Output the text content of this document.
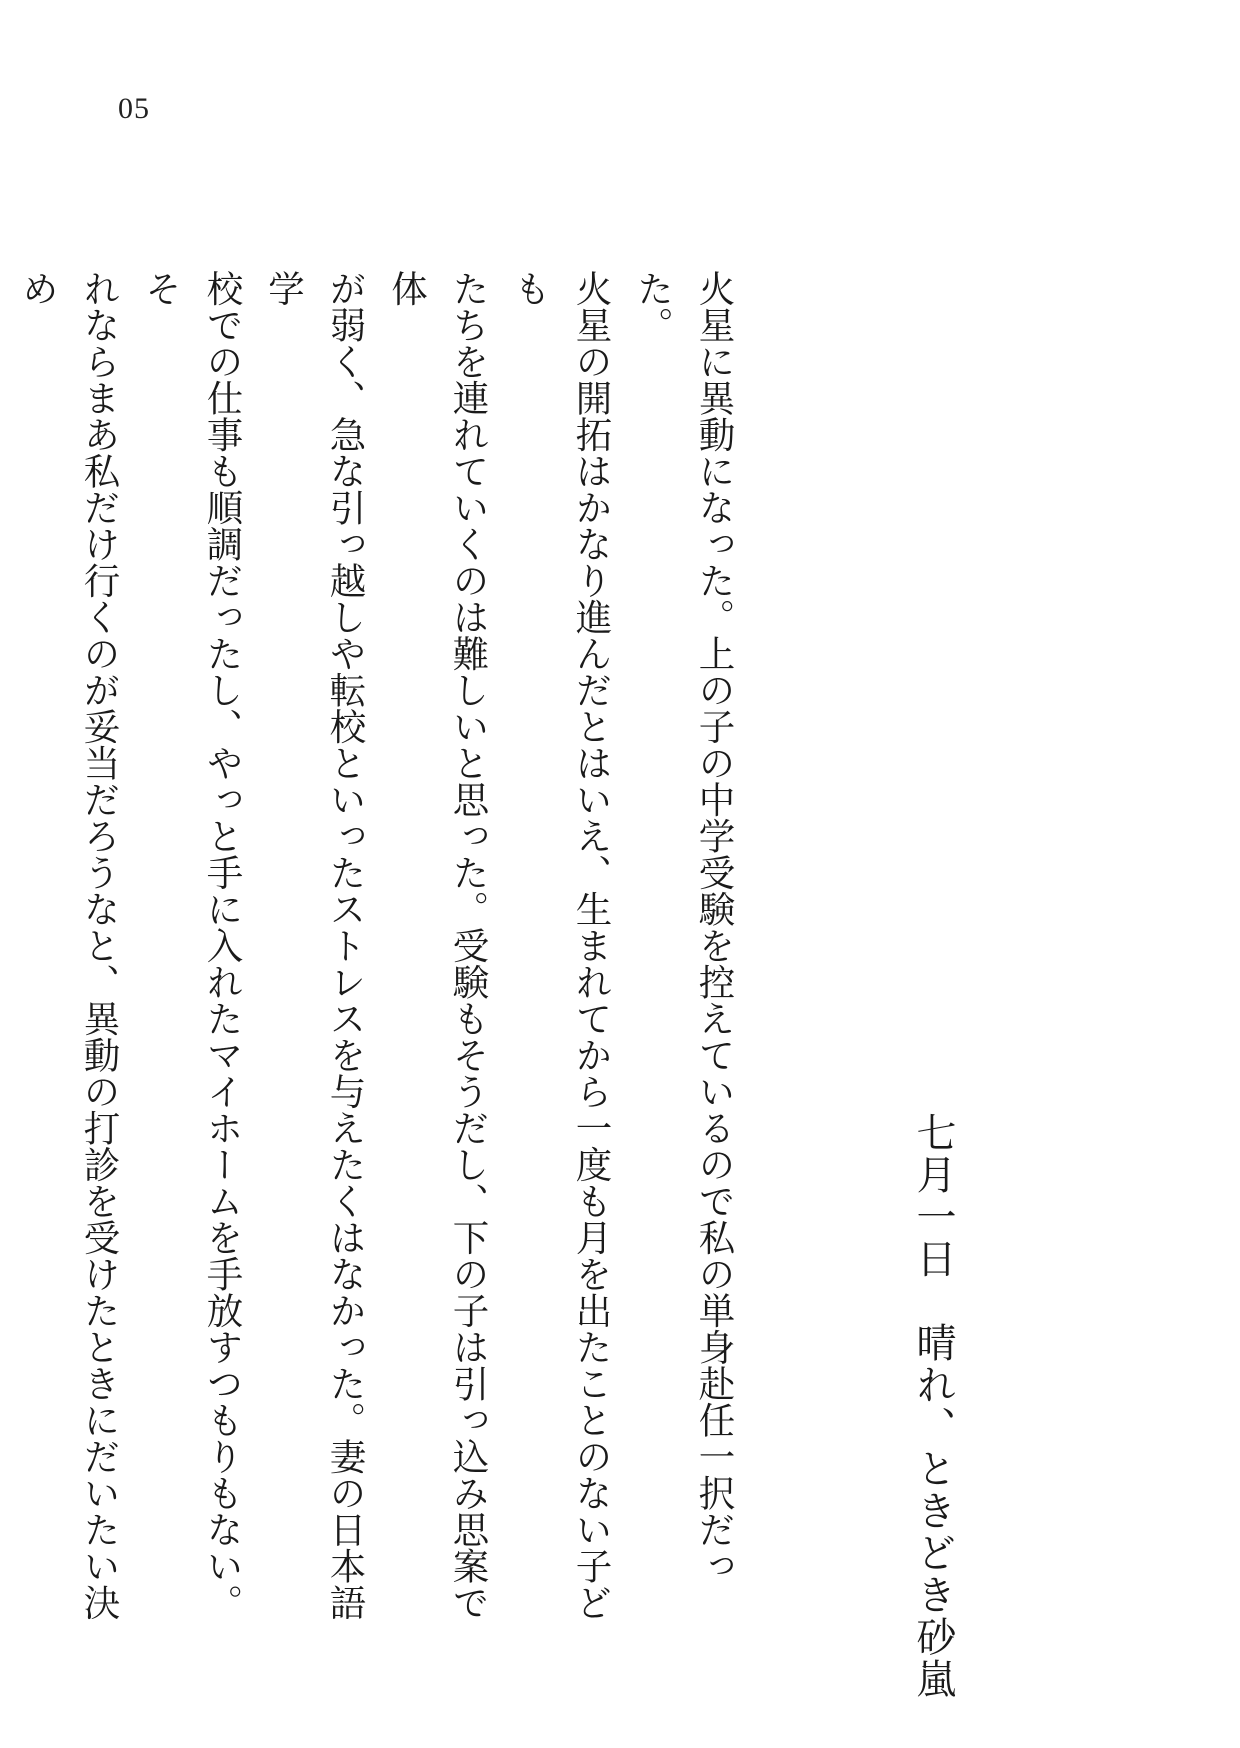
05
七月一日　晴れ、ときどき砂嵐

火星に異動になった。上の子の中学受験を控えているので私の単身赴任一択だった。
火星の開拓はかなり進んだとはいえ、生まれてから一度も月を出たことのない子ども
たちを連れていくのは難しいと思った。受験もそうだし、下の子は引っ込み思案で体
が弱く、急な引っ越しや転校といったストレスを与えたくはなかった。妻の日本語学
校での仕事も順調だったし、やっと手に入れたマイホームを手放すつもりもない。そ
れならまあ私だけ行くのが妥当だろうなと、異動の打診を受けたときにだいたい決め
